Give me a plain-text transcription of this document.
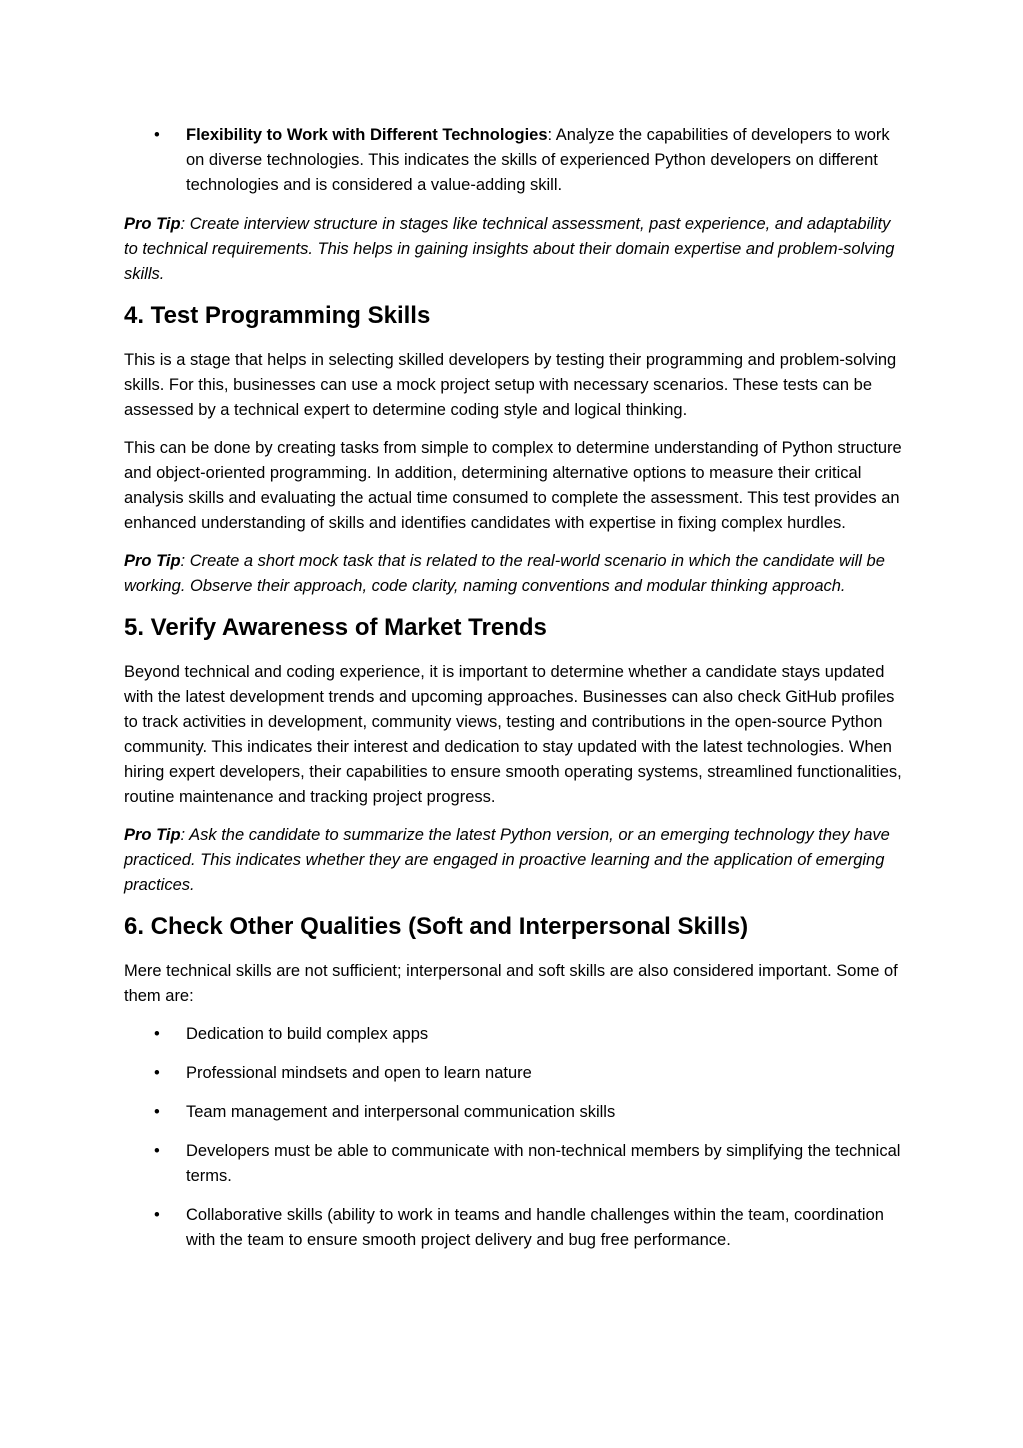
• Flexibility to Work with Different Technologies: Analyze the capabilities of developers to work on diverse technologies. This indicates the skills of experienced Python developers on different technologies and is considered a value-adding skill.

Pro Tip: Create interview structure in stages like technical assessment, past experience, and adaptability to technical requirements. This helps in gaining insights about their domain expertise and problem-solving skills.

4. Test Programming Skills

This is a stage that helps in selecting skilled developers by testing their programming and problem-solving skills. For this, businesses can use a mock project setup with necessary scenarios. These tests can be assessed by a technical expert to determine coding style and logical thinking.

This can be done by creating tasks from simple to complex to determine understanding of Python structure and object-oriented programming. In addition, determining alternative options to measure their critical analysis skills and evaluating the actual time consumed to complete the assessment. This test provides an enhanced understanding of skills and identifies candidates with expertise in fixing complex hurdles.

Pro Tip: Create a short mock task that is related to the real-world scenario in which the candidate will be working. Observe their approach, code clarity, naming conventions and modular thinking approach.

5. Verify Awareness of Market Trends

Beyond technical and coding experience, it is important to determine whether a candidate stays updated with the latest development trends and upcoming approaches. Businesses can also check GitHub profiles to track activities in development, community views, testing and contributions in the open-source Python community. This indicates their interest and dedication to stay updated with the latest technologies. When hiring expert developers, their capabilities to ensure smooth operating systems, streamlined functionalities, routine maintenance and tracking project progress.

Pro Tip: Ask the candidate to summarize the latest Python version, or an emerging technology they have practiced. This indicates whether they are engaged in proactive learning and the application of emerging practices.

6. Check Other Qualities (Soft and Interpersonal Skills)

Mere technical skills are not sufficient; interpersonal and soft skills are also considered important. Some of them are:

• Dedication to build complex apps
• Professional mindsets and open to learn nature
• Team management and interpersonal communication skills
• Developers must be able to communicate with non-technical members by simplifying the technical terms.
• Collaborative skills (ability to work in teams and handle challenges within the team, coordination with the team to ensure smooth project delivery and bug free performance.
